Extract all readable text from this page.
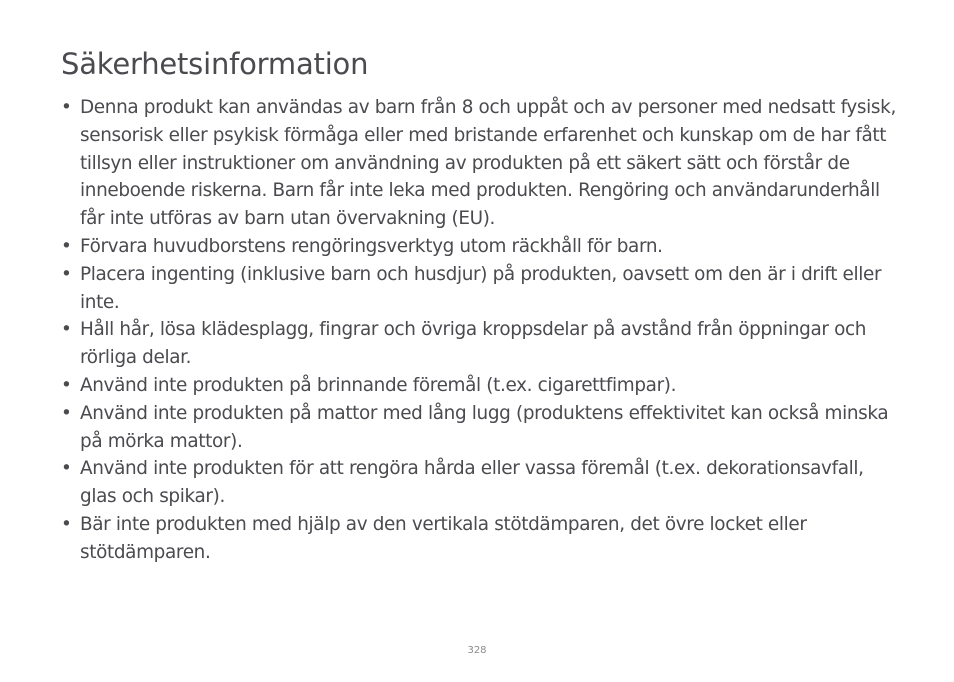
Säkerhetsinformation
• Denna produkt kan användas av barn från 8 och uppåt och av personer med nedsatt fysisk, sensorisk eller psykisk förmåga eller med bristande erfarenhet och kunskap om de har fått tillsyn eller instruktioner om användning av produkten på ett säkert sätt och förstår de inneboende riskerna. Barn får inte leka med produkten. Rengöring och användarunderhåll får inte utföras av barn utan övervakning (EU).
• Förvara huvudborstens rengöringsverktyg utom räckhåll för barn.
• Placera ingenting (inklusive barn och husdjur) på produkten, oavsett om den är i drift eller inte.
• Håll hår, lösa klädesplagg, fingrar och övriga kroppsdelar på avstånd från öppningar och rörliga delar.
• Använd inte produkten på brinnande föremål (t.ex. cigarettfimpar).
• Använd inte produkten på mattor med lång lugg (produktens effektivitet kan också minska på mörka mattor).
• Använd inte produkten för att rengöra hårda eller vassa föremål (t.ex. dekorationsavfall, glas och spikar).
• Bär inte produkten med hjälp av den vertikala stötdämparen, det övre locket eller stötdämparen.
328
